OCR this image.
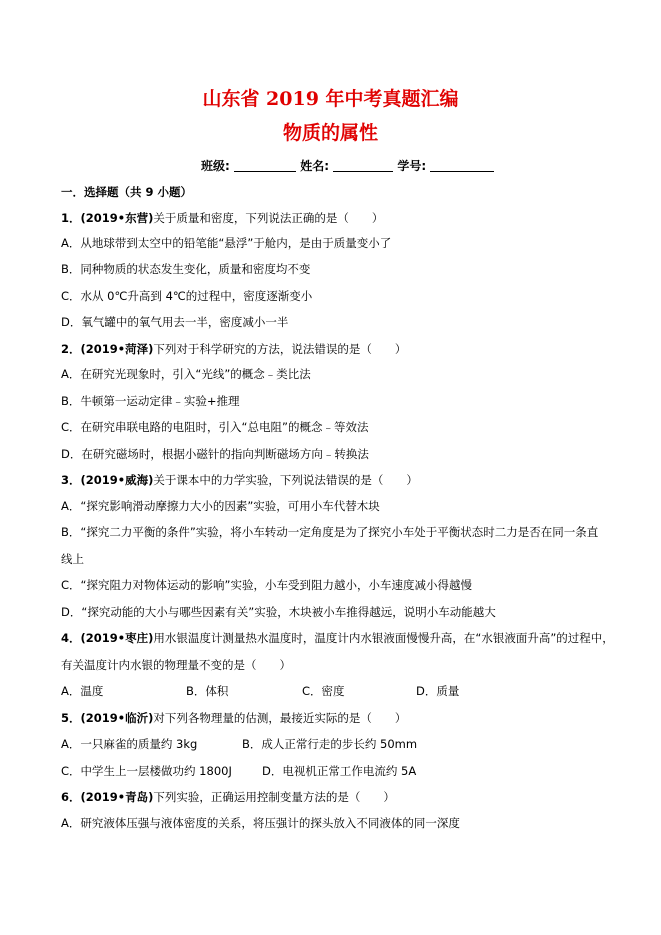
山东省 2019 年中考真题汇编
物质的属性
班级:	姓名:	学号:
一．选择题（共 9 小题）
1．(2019•东营)关于质量和密度，下列说法正确的是（　　）
A．从地球带到太空中的铅笔能“悬浮”于舱内，是由于质量变小了
B．同种物质的状态发生变化，质量和密度均不变
C．水从 0℃升高到 4℃的过程中，密度逐渐变小
D．氧气罐中的氧气用去一半，密度减小一半
2．(2019•菏泽)下列对于科学研究的方法，说法错误的是（　　）
A．在研究光现象时，引入“光线”的概念﹣类比法
B．牛顿第一运动定律﹣实验+推理
C．在研究串联电路的电阻时，引入“总电阻”的概念﹣等效法
D．在研究磁场时，根据小磁针的指向判断磁场方向﹣转换法
3．(2019•威海)关于课本中的力学实验，下列说法错误的是（　　）
A．“探究影响滑动摩擦力大小的因素”实验，可用小车代替木块
B．“探究二力平衡的条件”实验，将小车转动一定角度是为了探究小车处于平衡状态时二力是否在同一条直
线上
C．“探究阻力对物体运动的影响”实验，小车受到阻力越小，小车速度减小得越慢
D．“探究动能的大小与哪些因素有关”实验，木块被小车推得越远，说明小车动能越大
4．(2019•枣庄)用水银温度计测量热水温度时，温度计内水银液面慢慢升高，在“水银液面升高”的过程中，
有关温度计内水银的物理量不变的是（　　）
A．温度	B．体积	C．密度	D．质量
5．(2019•临沂)对下列各物理量的估测，最接近实际的是（　　）
A．一只麻雀的质量约 3kg	B．成人正常行走的步长约 50mm
C．中学生上一层楼做功约 1800J	D．电视机正常工作电流约 5A
6．(2019•青岛)下列实验，正确运用控制变量方法的是（　　）
A．研究液体压强与液体密度的关系，将压强计的探头放入不同液体的同一深度
